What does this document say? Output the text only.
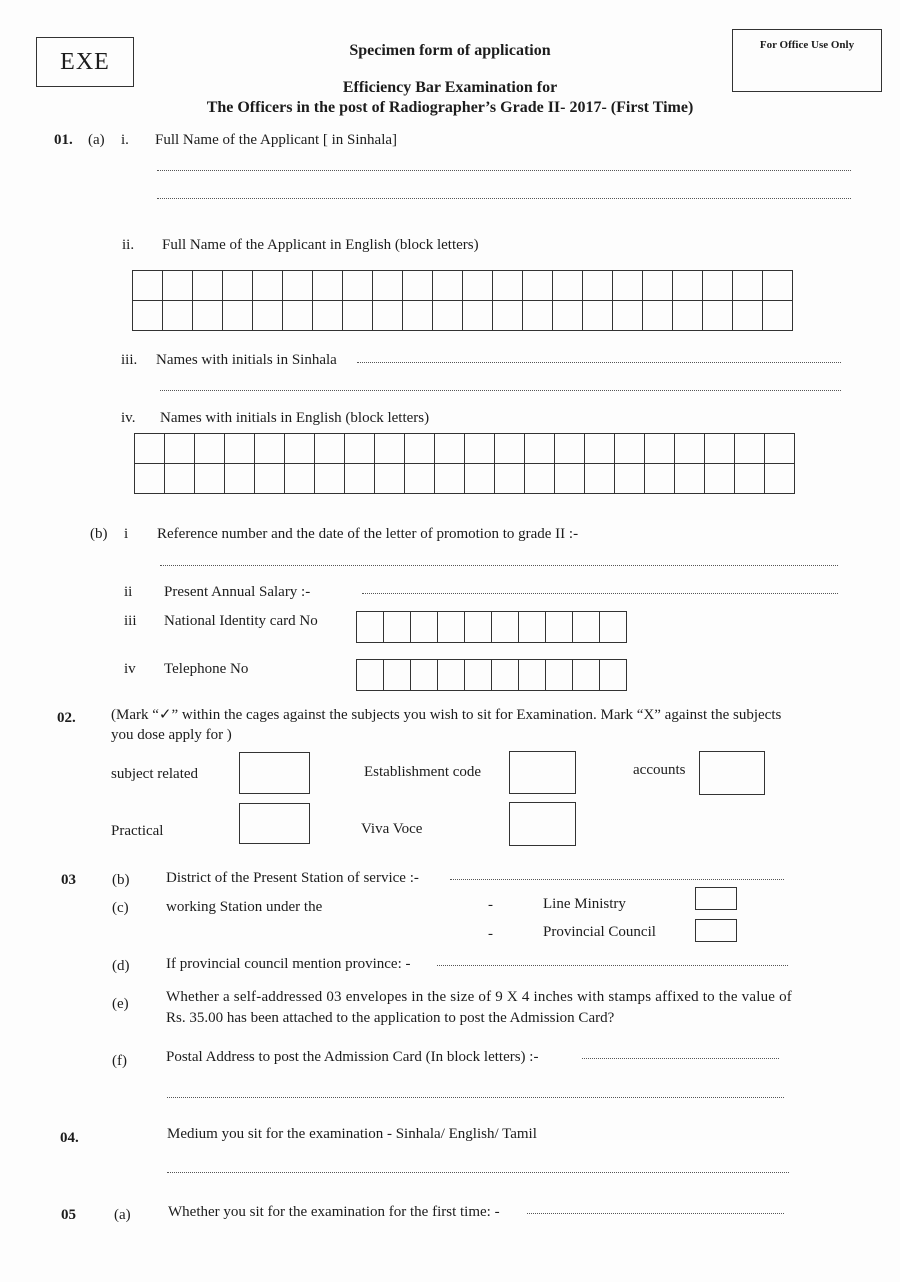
EXE
For Office Use Only
Specimen form of application
Efficiency Bar Examination for
The Officers in the post of Radiographer’s Grade II- 2017- (First Time)
01. (a) i. Full Name of the Applicant [ in Sinhala]
ii. Full Name of the Applicant in English (block letters)

iii. Names with initials in Sinhala
iv. Names with initials in English (block letters)

(b) i Reference number and the date of the letter of promotion to grade II :-
ii Present Annual Salary :-
iii National Identity card No

iv Telephone No

02. (Mark “✓” within the cages against the subjects you wish to sit for Examination. Mark “X” against the subjects
you dose apply for )
subject related	Establishment code	accounts
Practical	Viva Voce
03 (b) District of the Present Station of service :-
(c) working Station under the	-	Line Ministry
-	Provincial Council
(d) If provincial council mention province: -
(e) Whether a self-addressed 03 envelopes in the size of 9 X 4 inches with stamps affixed to the value of
Rs. 35.00 has been attached to the application to post the Admission Card?
(f)	Postal Address to post the Admission Card (In block letters) :-
04.	Medium you sit for the examination - Sinhala/ English/ Tamil
05	(a) Whether you sit for the examination for the first time: -
